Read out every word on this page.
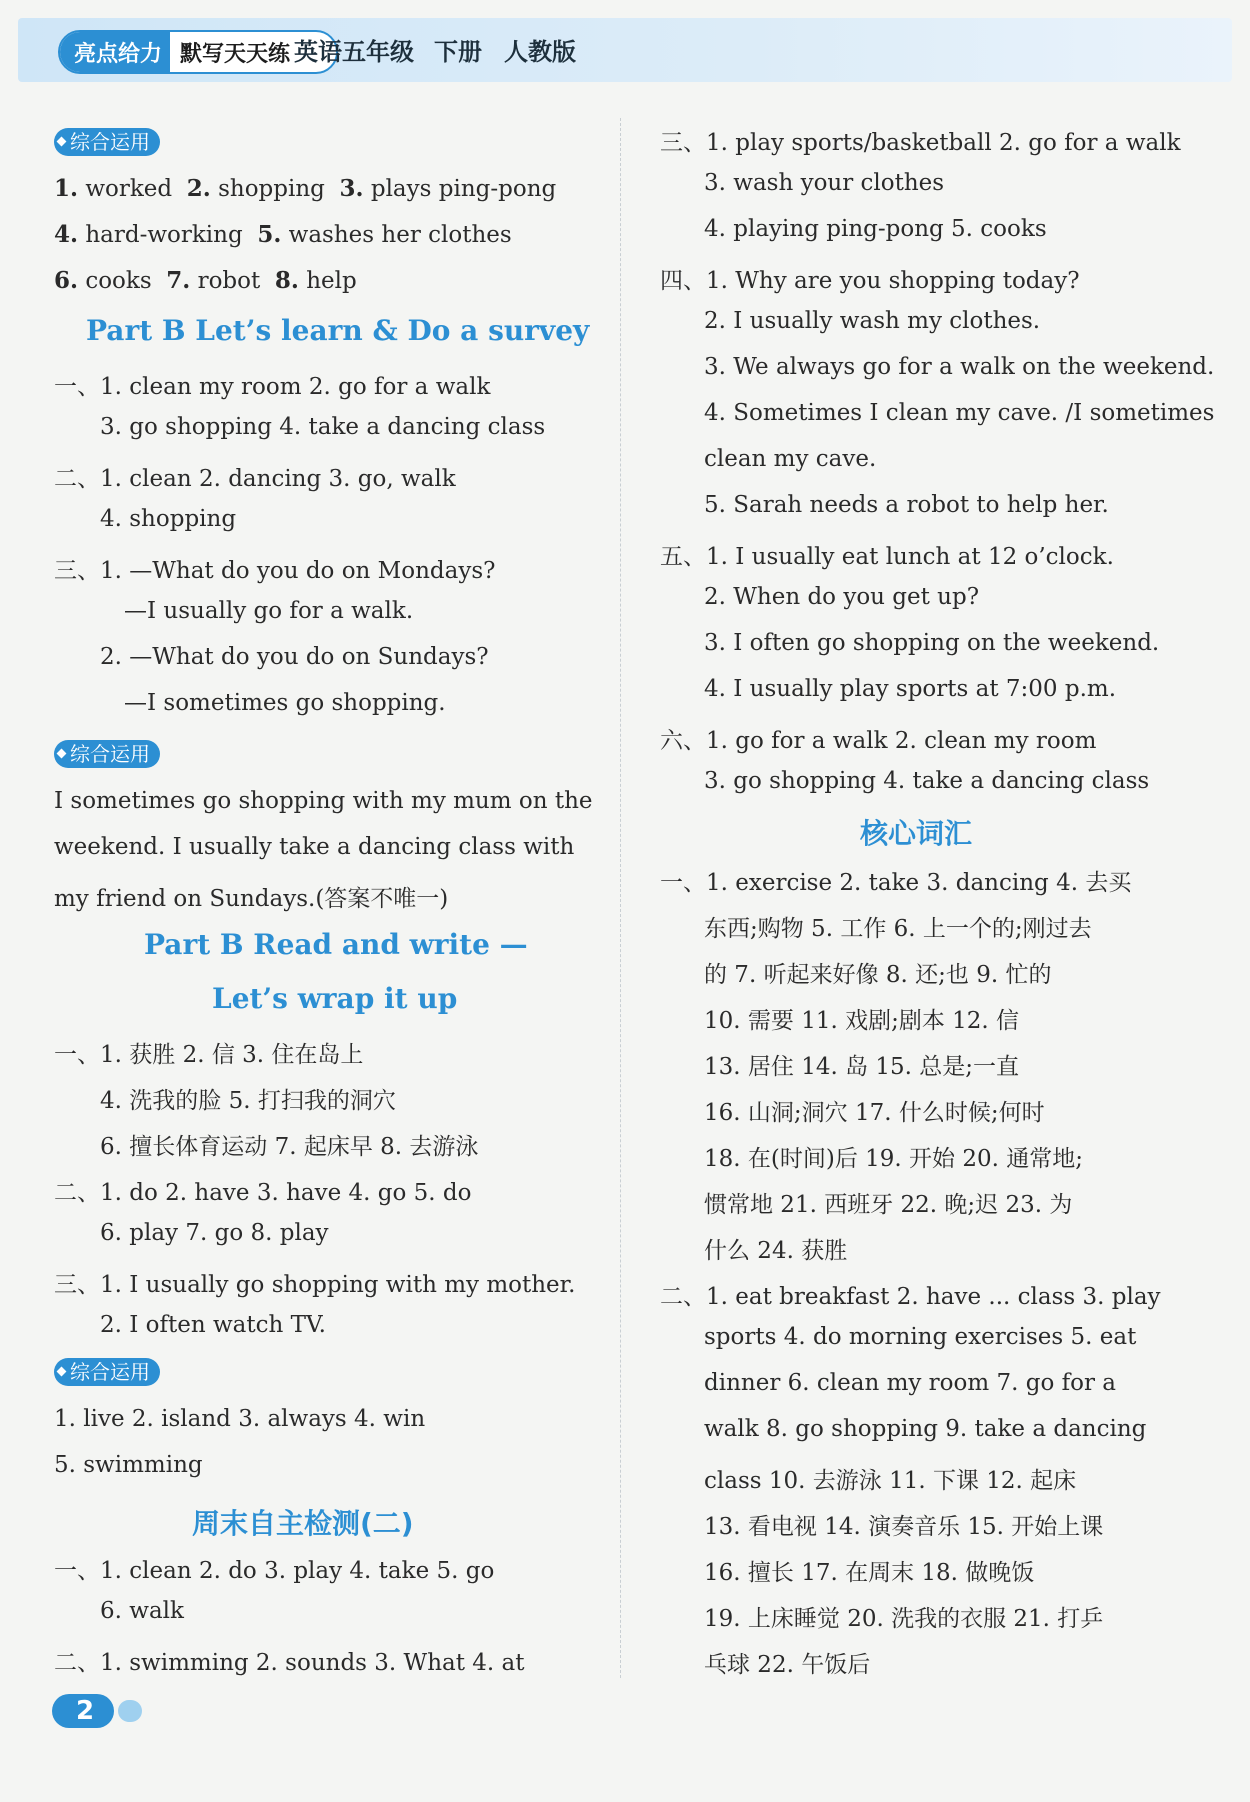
亮点给力 默写天天练 英语五年级 下册 人教版
综合运用
1. worked  2. shopping  3. plays ping-pong
4. hard-working  5. washes her clothes
6. cooks  7. robot  8. help
Part B Let’s learn & Do a survey
一、1. clean my room 2. go for a walk
3. go shopping 4. take a dancing class
二、1. clean 2. dancing 3. go, walk
4. shopping
三、1. —What do you do on Mondays?
—I usually go for a walk.
2. —What do you do on Sundays?
—I sometimes go shopping.
综合运用
I sometimes go shopping with my mum on the
weekend. I usually take a dancing class with
my friend on Sundays.(答案不唯一)
Part B Read and write —
Let’s wrap it up
一、1. 获胜 2. 信 3. 住在岛上
4. 洗我的脸 5. 打扫我的洞穴
6. 擅长体育运动 7. 起床早 8. 去游泳
二、1. do 2. have 3. have 4. go 5. do
6. play 7. go 8. play
三、1. I usually go shopping with my mother.
2. I often watch TV.
综合运用
1. live 2. island 3. always 4. win
5. swimming
周末自主检测(二)
一、1. clean 2. do 3. play 4. take 5. go
6. walk
二、1. swimming 2. sounds 3. What 4. at
三、1. play sports/basketball 2. go for a walk
3. wash your clothes
4. playing ping-pong 5. cooks
四、1. Why are you shopping today?
2. I usually wash my clothes.
3. We always go for a walk on the weekend.
4. Sometimes I clean my cave. /I sometimes
clean my cave.
5. Sarah needs a robot to help her.
五、1. I usually eat lunch at 12 o’clock.
2. When do you get up?
3. I often go shopping on the weekend.
4. I usually play sports at 7:00 p.m.
六、1. go for a walk 2. clean my room
3. go shopping 4. take a dancing class
核心词汇
一、1. exercise 2. take 3. dancing 4. 去买
东西;购物 5. 工作 6. 上一个的;刚过去
的 7. 听起来好像 8. 还;也 9. 忙的
10. 需要 11. 戏剧;剧本 12. 信
13. 居住 14. 岛 15. 总是;一直
16. 山洞;洞穴 17. 什么时候;何时
18. 在(时间)后 19. 开始 20. 通常地;
惯常地 21. 西班牙 22. 晚;迟 23. 为
什么 24. 获胜
二、1. eat breakfast 2. have ... class 3. play
sports 4. do morning exercises 5. eat
dinner 6. clean my room 7. go for a
walk 8. go shopping 9. take a dancing
class 10. 去游泳 11. 下课 12. 起床
13. 看电视 14. 演奏音乐 15. 开始上课
16. 擅长 17. 在周末 18. 做晚饭
19. 上床睡觉 20. 洗我的衣服 21. 打乒
乓球 22. 午饭后
2
